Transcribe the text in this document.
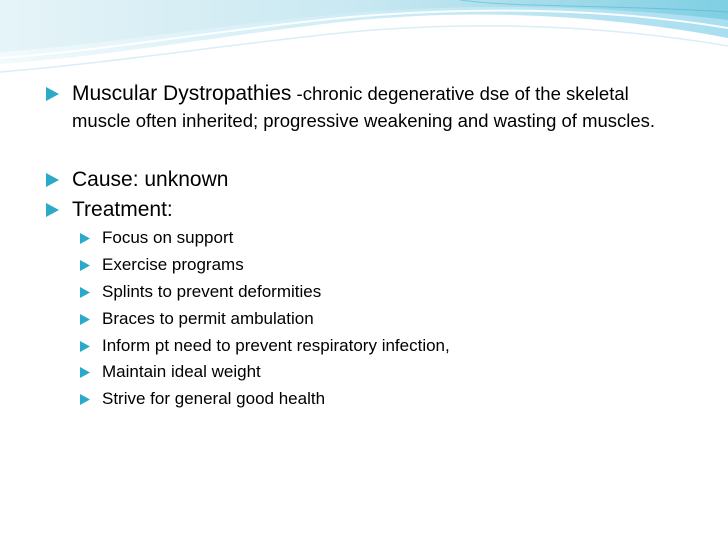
Muscular Dystropathies -chronic degenerative dse of the skeletal muscle often inherited; progressive weakening and wasting of muscles.
Cause: unknown
Treatment:
Focus on support
Exercise programs
Splints to prevent deformities
Braces to permit ambulation
Inform pt need to prevent respiratory infection,
Maintain ideal weight
Strive for general good health
